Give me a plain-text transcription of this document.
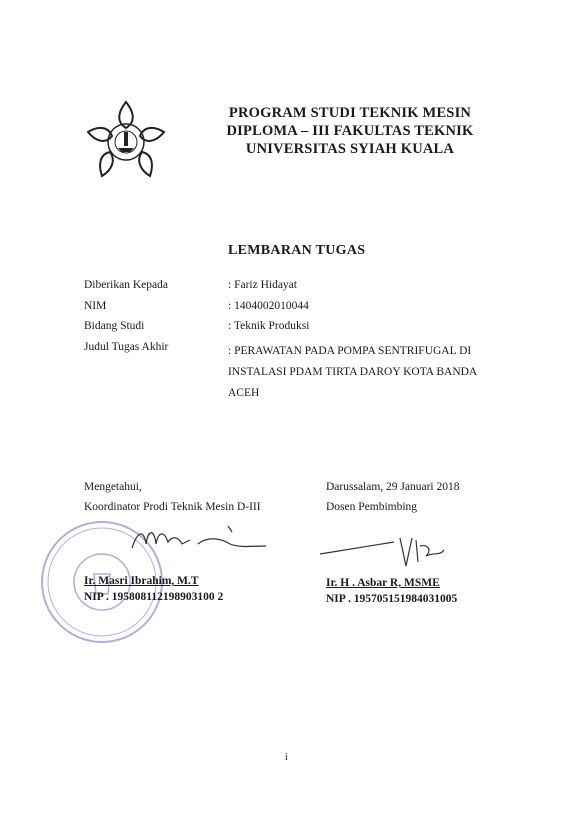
PROGRAM STUDI TEKNIK MESIN
DIPLOMA – III FAKULTAS TEKNIK
UNIVERSITAS SYIAH KUALA
LEMBARAN TUGAS
Diberikan Kepada	: Fariz Hidayat
NIM	: 1404002010044
Bidang Studi	: Teknik Produksi
Judul Tugas Akhir	: PERAWATAN PADA POMPA SENTRIFUGAL DI INSTALASI PDAM TIRTA DAROY KOTA BANDA ACEH
Mengetahui,
Koordinator Prodi Teknik Mesin D-III
Ir. Masri Ibrahim, M.T
NIP . 195808112198903100 2
Darussalam, 29 Januari 2018
Dosen Pembimbing
Ir. H . Asbar R, MSME
NIP . 195705151984031005
i
